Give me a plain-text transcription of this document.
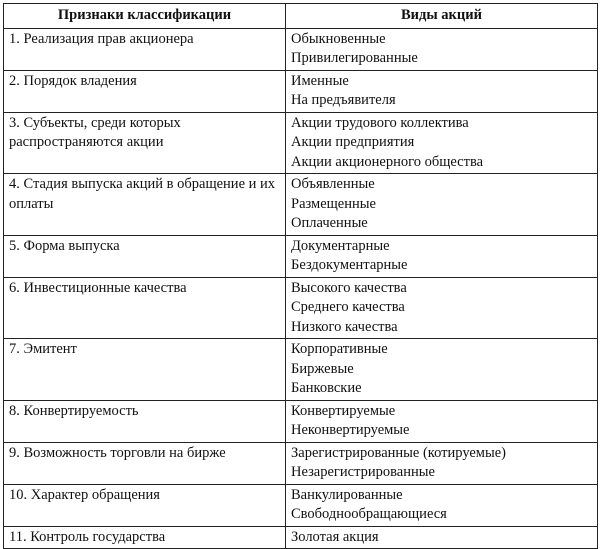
Признаки классификации	Виды акций

1. Реализация прав акционера	Обыкновенные
Привилегированные

2. Порядок владения	Именные
На предъявителя

3. Субъекты, среди которых распространяются акции	Акции трудового коллектива
Акции предприятия
Акции акционерного общества

4. Стадия выпуска акций в обращение и их оплаты	Объявленные
Размещенные
Оплаченные

5. Форма выпуска	Документарные
Бездокументарные

6. Инвестиционные качества	Высокого качества
Среднего качества
Низкого качества

7. Эмитент	Корпоративные
Биржевые
Банковские

8. Конвертируемость	Конвертируемые
Неконвертируемые

9. Возможность торговли на бирже	Зарегистрированные (котируемые)
Незарегистрированные

10. Характер обращения	Ванкулированные
Свободнообращающиеся

11. Контроль государства	Золотая акция
